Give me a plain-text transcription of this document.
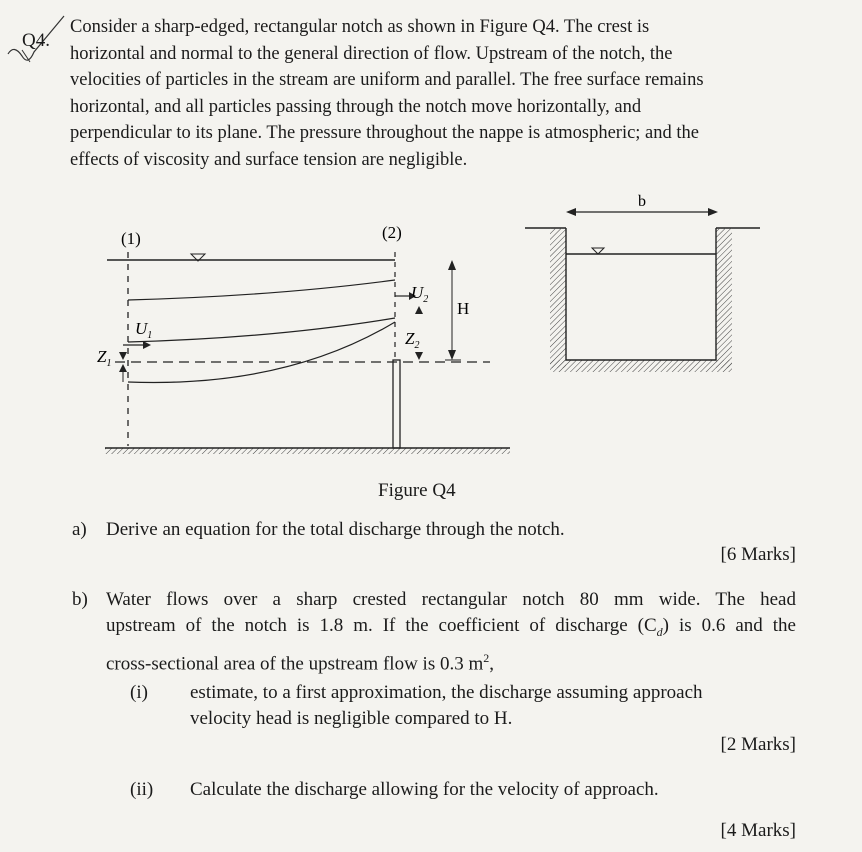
Q4.
Consider a sharp-edged, rectangular notch as shown in Figure Q4. The crest is
horizontal and normal to the general direction of flow. Upstream of the notch, the
velocities of particles in the stream are uniform and parallel. The free surface remains
horizontal, and all particles passing through the notch move horizontally, and
perpendicular to its plane. The pressure throughout the nappe is atmospheric; and the
effects of viscosity and surface tension are negligible.
(1)	(2)
$U_1$
$U_2$
$Z_1$
$Z_2$
H
b
Figure Q4
a) Derive an equation for the total discharge through the notch.
[6 Marks]
b) Water flows over a sharp crested rectangular notch 80 mm wide. The head
upstream of the notch is 1.8 m. If the coefficient of discharge $(C_d)$ is 0.6 and the
cross-sectional area of the upstream flow is 0.3 $m^2$,
(i) estimate, to a first approximation, the discharge assuming approach
velocity head is negligible compared to H.
[2 Marks]
(ii) Calculate the discharge allowing for the velocity of approach.
[4 Marks]
